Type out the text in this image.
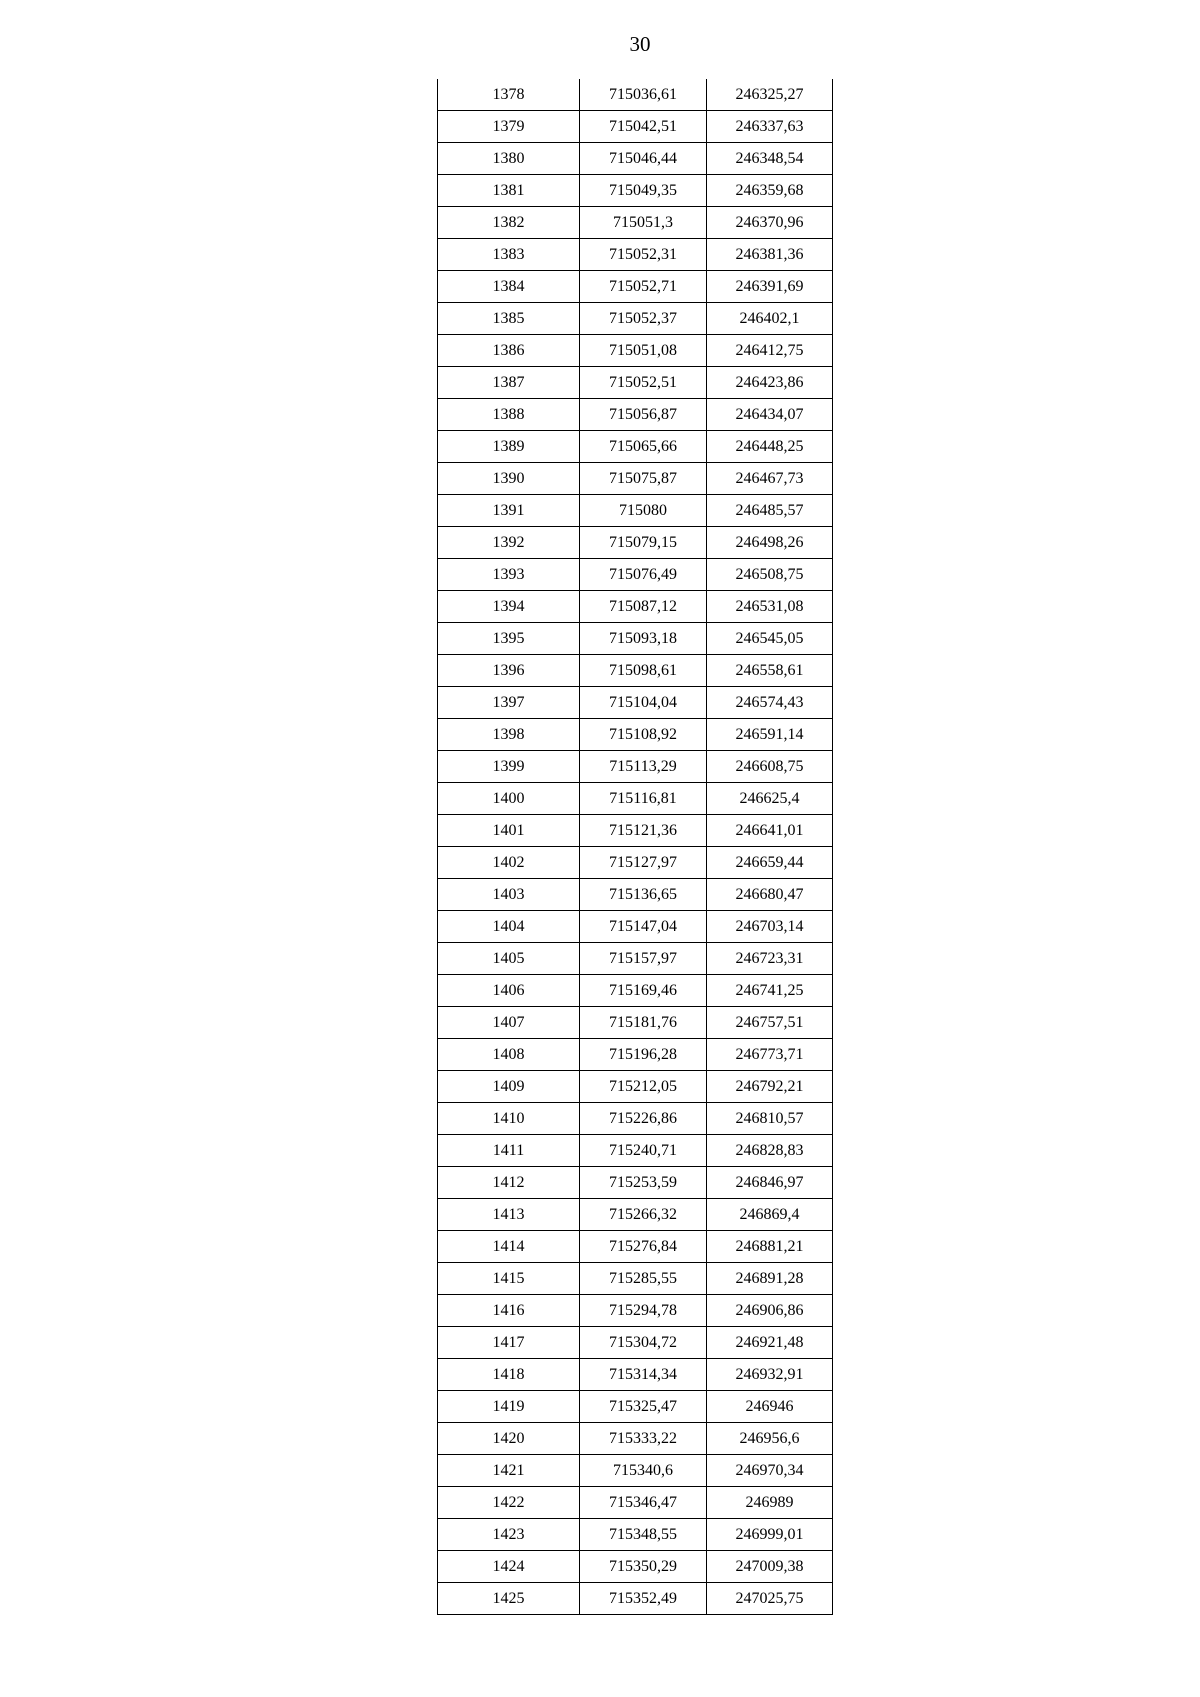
30
1378	715036,61	246325,27
1379	715042,51	246337,63
1380	715046,44	246348,54
1381	715049,35	246359,68
1382	715051,3	246370,96
1383	715052,31	246381,36
1384	715052,71	246391,69
1385	715052,37	246402,1
1386	715051,08	246412,75
1387	715052,51	246423,86
1388	715056,87	246434,07
1389	715065,66	246448,25
1390	715075,87	246467,73
1391	715080	246485,57
1392	715079,15	246498,26
1393	715076,49	246508,75
1394	715087,12	246531,08
1395	715093,18	246545,05
1396	715098,61	246558,61
1397	715104,04	246574,43
1398	715108,92	246591,14
1399	715113,29	246608,75
1400	715116,81	246625,4
1401	715121,36	246641,01
1402	715127,97	246659,44
1403	715136,65	246680,47
1404	715147,04	246703,14
1405	715157,97	246723,31
1406	715169,46	246741,25
1407	715181,76	246757,51
1408	715196,28	246773,71
1409	715212,05	246792,21
1410	715226,86	246810,57
1411	715240,71	246828,83
1412	715253,59	246846,97
1413	715266,32	246869,4
1414	715276,84	246881,21
1415	715285,55	246891,28
1416	715294,78	246906,86
1417	715304,72	246921,48
1418	715314,34	246932,91
1419	715325,47	246946
1420	715333,22	246956,6
1421	715340,6	246970,34
1422	715346,47	246989
1423	715348,55	246999,01
1424	715350,29	247009,38
1425	715352,49	247025,75
